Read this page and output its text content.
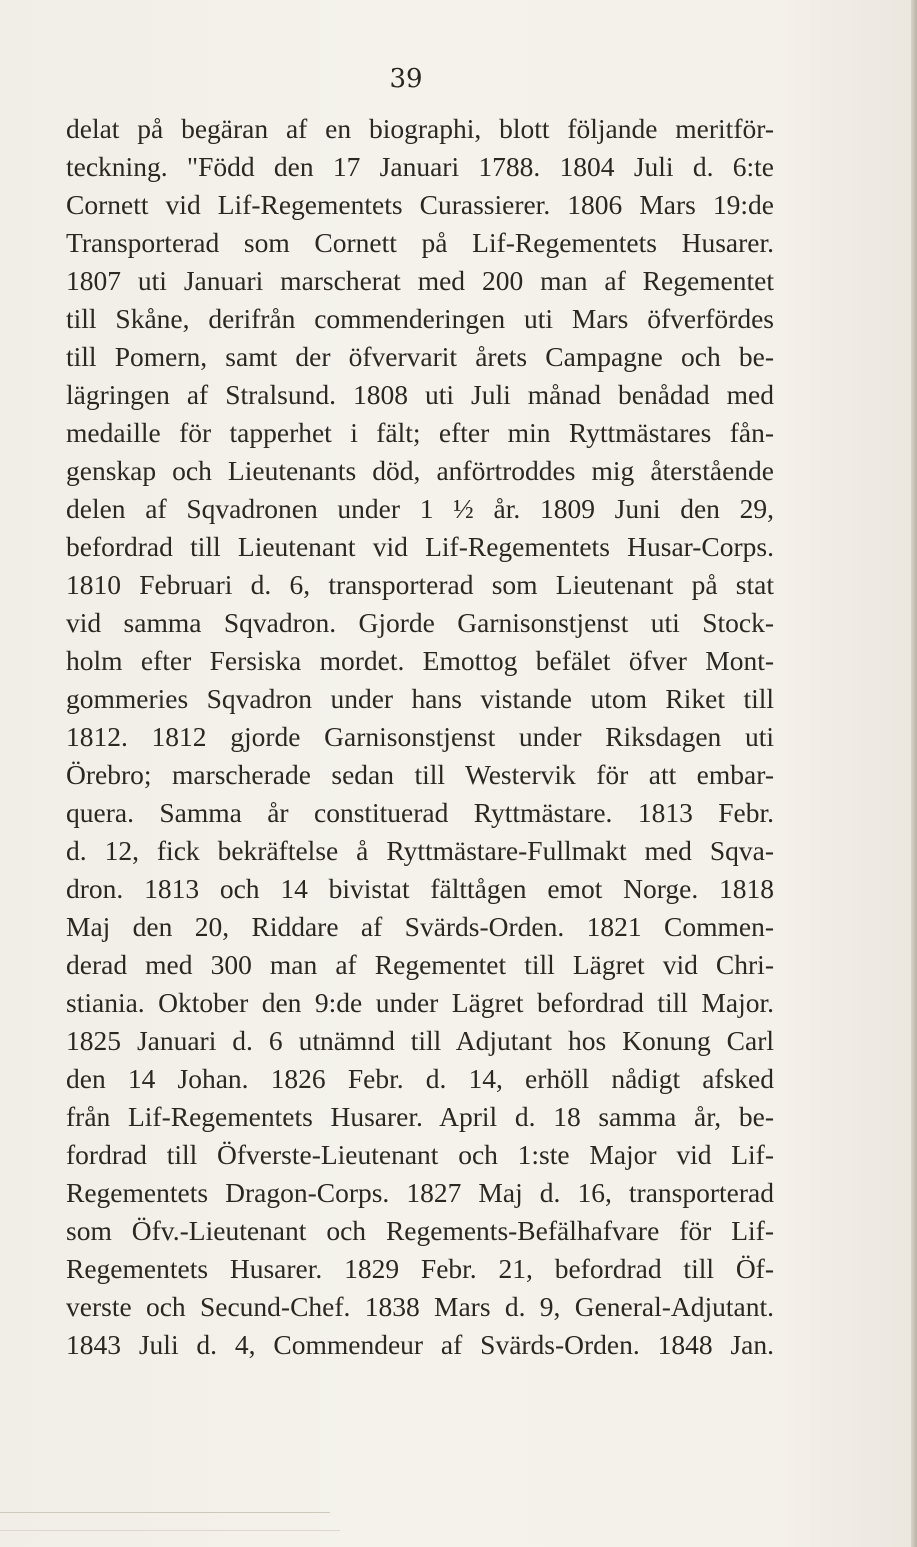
39
delat på begäran af en biographi, blott följande meritför-
teckning. "Född den 17 Januari 1788. 1804 Juli d. 6:te
Cornett vid Lif-Regementets Curassierer. 1806 Mars 19:de
Transporterad som Cornett på Lif-Regementets Husarer.
1807 uti Januari marscherat med 200 man af Regementet
till Skåne, derifrån commenderingen uti Mars öfverfördes
till Pomern, samt der öfvervarit årets Campagne och be-
lägringen af Stralsund. 1808 uti Juli månad benådad med
medaille för tapperhet i fält; efter min Ryttmästares fån-
genskap och Lieutenants död, anförtroddes mig återstående
delen af Sqvadronen under 1 ½ år. 1809 Juni den 29,
befordrad till Lieutenant vid Lif-Regementets Husar-Corps.
1810 Februari d. 6, transporterad som Lieutenant på stat
vid samma Sqvadron. Gjorde Garnisonstjenst uti Stock-
holm efter Fersiska mordet. Emottog befälet öfver Mont-
gommeries Sqvadron under hans vistande utom Riket till
1812. 1812 gjorde Garnisonstjenst under Riksdagen uti
Örebro; marscherade sedan till Westervik för att embar-
quera. Samma år constituerad Ryttmästare. 1813 Febr.
d. 12, fick bekräftelse å Ryttmästare-Fullmakt med Sqva-
dron. 1813 och 14 bivistat fälttågen emot Norge. 1818
Maj den 20, Riddare af Svärds-Orden. 1821 Commen-
derad med 300 man af Regementet till Lägret vid Chri-
stiania. Oktober den 9:de under Lägret befordrad till Major.
1825 Januari d. 6 utnämnd till Adjutant hos Konung Carl
den 14 Johan. 1826 Febr. d. 14, erhöll nådigt afsked
från Lif-Regementets Husarer. April d. 18 samma år, be-
fordrad till Öfverste-Lieutenant och 1:ste Major vid Lif-
Regementets Dragon-Corps. 1827 Maj d. 16, transporterad
som Öfv.-Lieutenant och Regements-Befälhafvare för Lif-
Regementets Husarer. 1829 Febr. 21, befordrad till Öf-
verste och Secund-Chef. 1838 Mars d. 9, General-Adjutant.
1843 Juli d. 4, Commendeur af Svärds-Orden. 1848 Jan.
